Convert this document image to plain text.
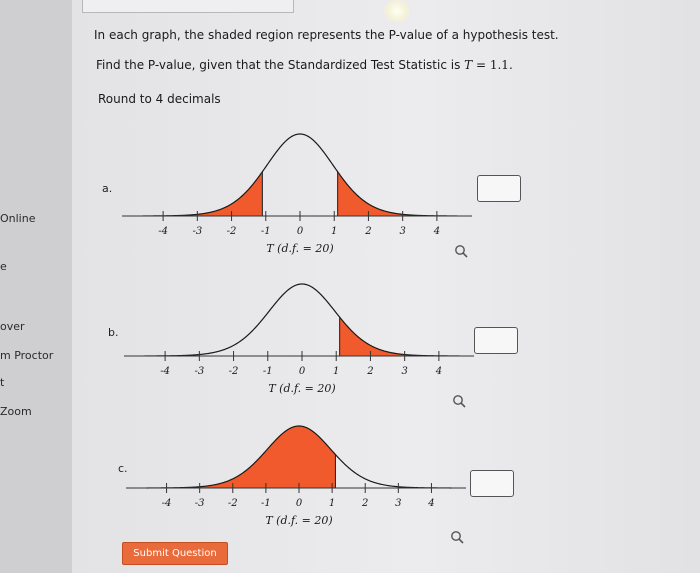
Online
e
over
m Proctor
t
Zoom
In each graph, the shaded region represents the P-value of a hypothesis test.
Find the P-value, given that the Standardized Test Statistic is T = 1.1.
Round to 4 decimals
a.
-4 -3 -2 -1	0	1	2	3	4
T (d.f. = 20)
b.
-4 -3 -2 -1	0	1	2	3	4
T (d.f. = 20)
c.
-4 -3 -2 -1	0	1	2	3	4
T (d.f. = 20)
Submit Question
